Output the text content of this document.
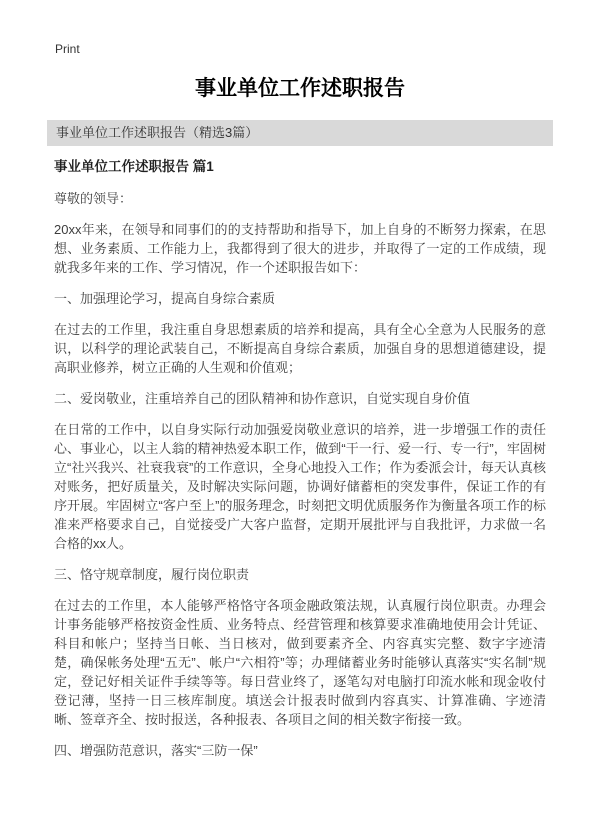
Print
事业单位工作述职报告
事业单位工作述职报告（精选3篇）
事业单位工作述职报告 篇1

尊敬的领导：

20xx年来，在领导和同事们的的支持帮助和指导下，加上自身的不断努力探索，在思想、业务素质、工作能力上，我都得到了很大的进步，并取得了一定的工作成绩，现就我多年来的工作、学习情况，作一个述职报告如下：

一、加强理论学习，提高自身综合素质

在过去的工作里，我注重自身思想素质的培养和提高，具有全心全意为人民服务的意识，以科学的理论武装自己，不断提高自身综合素质，加强自身的思想道德建设，提高职业修养，树立正确的人生观和价值观；

二、爱岗敬业，注重培养自己的团队精神和协作意识，自觉实现自身价值

在日常的工作中，以自身实际行动加强爱岗敬业意识的培养，进一步增强工作的责任心、事业心，以主人翁的精神热爱本职工作，做到“干一行、爱一行、专一行”，牢固树立“社兴我兴、社衰我衰”的工作意识，全身心地投入工作；作为委派会计，每天认真核对账务，把好质量关，及时解决实际问题，协调好储蓄柜的突发事件，保证工作的有序开展。牢固树立“客户至上”的服务理念，时刻把文明优质服务作为衡量各项工作的标准来严格要求自己，自觉接受广大客户监督，定期开展批评与自我批评，力求做一名合格的xx人。

三、恪守规章制度，履行岗位职责

在过去的工作里，本人能够严格恪守各项金融政策法规，认真履行岗位职责。办理会计事务能够严格按资金性质、业务特点、经营管理和核算要求准确地使用会计凭证、科目和帐户；坚持当日帐、当日核对，做到要素齐全、内容真实完整、数字字迹清楚，确保帐务处理“五无”、帐户“六相符”等；办理储蓄业务时能够认真落实“实名制”规定，登记好相关证件手续等等。每日营业终了，逐笔勾对电脑打印流水帐和现金收付登记薄，坚持一日三核库制度。填送会计报表时做到内容真实、计算准确、字迹清晰、签章齐全、按时报送，各种报表、各项目之间的相关数字衔接一致。

四、增强防范意识，落实“三防一保”
